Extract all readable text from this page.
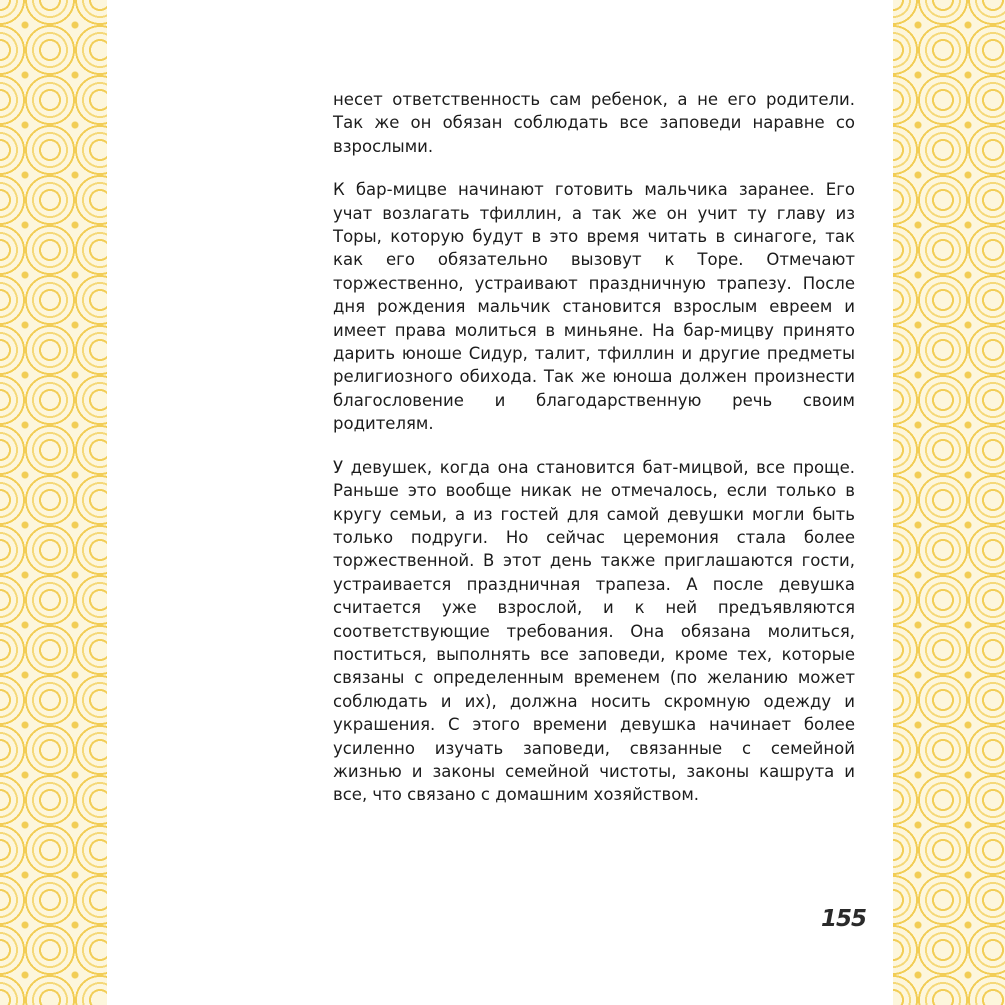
несет ответственность сам ребенок, а не его родители. Так же он обязан соблюдать все заповеди наравне со взрослыми.

К бар-мицве начинают готовить мальчика заранее. Его учат возлагать тфиллин, а так же он учит ту главу из Торы, которую будут в это время читать в синагоге, так как его обязательно вызовут к Торе. Отмечают торжественно, устраивают праздничную трапезу. После дня рождения мальчик становится взрослым евреем и имеет права молиться в миньяне. На бар-мицву принято дарить юноше Сидур, талит, тфиллин и другие предметы религиозного обихода. Так же юноша должен произнести благословение и благодарственную речь своим родителям.

У девушек, когда она становится бат-мицвой, все проще. Раньше это вообще никак не отмечалось, если только в кругу семьи, а из гостей для самой девушки могли быть только подруги. Но сейчас церемония стала более торжественной. В этот день также приглашаются гости, устраивается праздничная трапеза. А после девушка считается уже взрослой, и к ней предъявляются соответствующие требования. Она обязана молиться, поститься, выполнять все заповеди, кроме тех, которые связаны с определенным временем (по желанию может соблюдать и их), должна носить скромную одежду и украшения. С этого времени девушка начинает более усиленно изучать заповеди, связанные с семейной жизнью и законы семейной чистоты, законы кашрута и все, что связано с домашним хозяйством.

155
